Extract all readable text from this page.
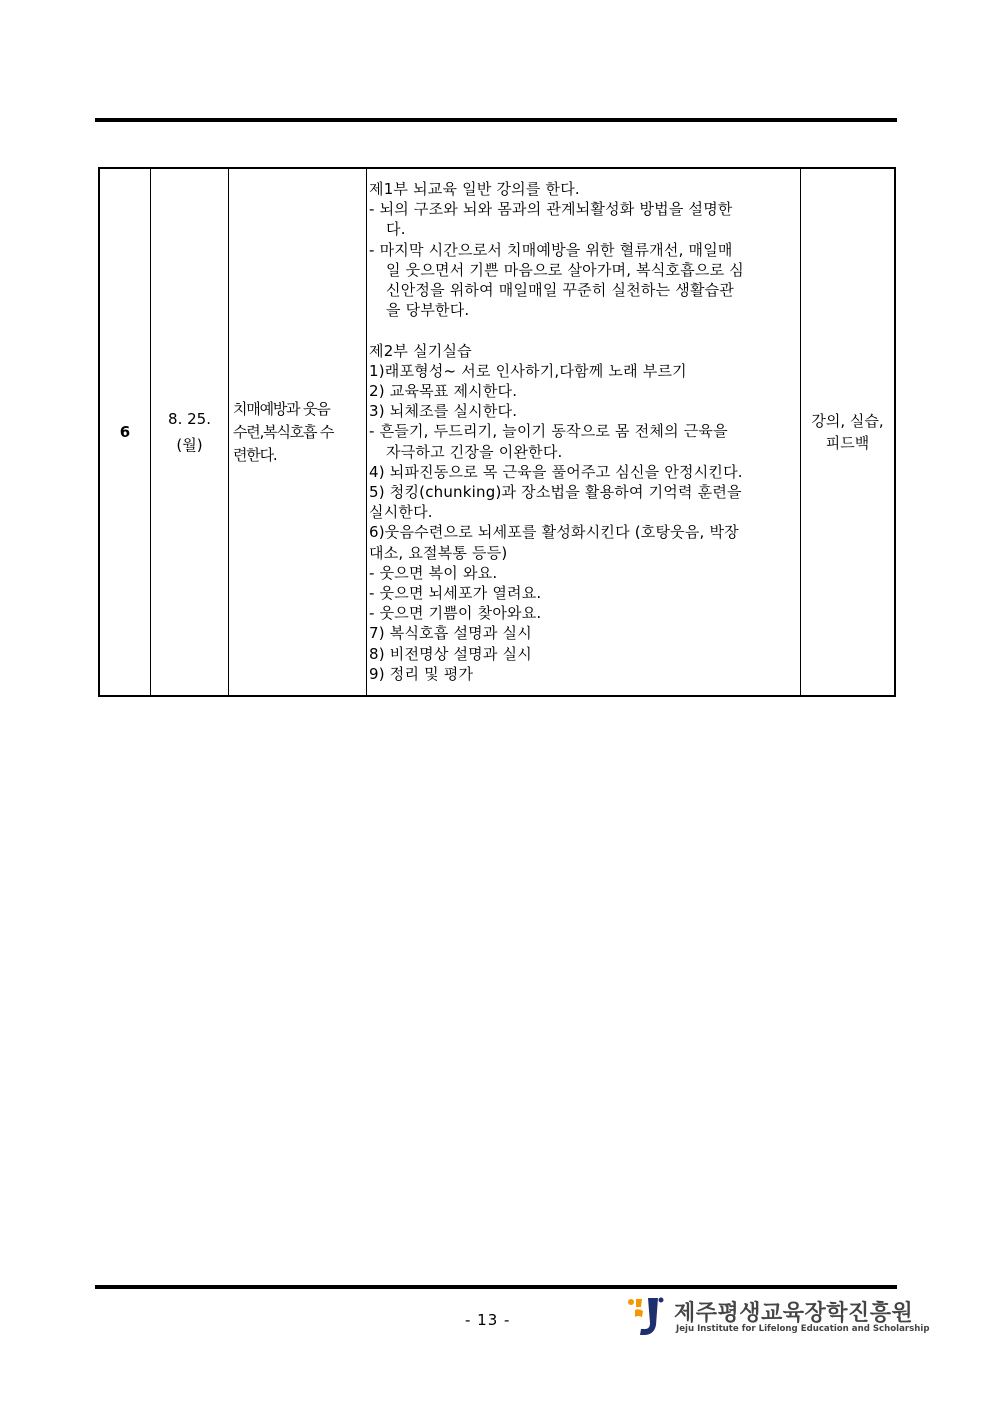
6	
8. 25.
(월)

치매예방과 웃음
수련,복식호흡 수
련한다.

제1부 뇌교육 일반 강의를 한다.
- 뇌의 구조와 뇌와 몸과의 관계뇌활성화 방법을 설명한
다.
- 마지막 시간으로서 치매예방을 위한 혈류개선, 매일매
일 웃으면서 기쁜 마음으로 살아가며, 복식호흡으로 심
신안정을 위하여 매일매일 꾸준히 실천하는 생활습관
을 당부한다.
제2부 실기실습
1)래포형성~ 서로 인사하기,다함께 노래 부르기
2) 교육목표 제시한다.
3) 뇌체조를 실시한다.
- 흔들기, 두드리기, 늘이기 동작으로 몸 전체의 근육을
자극하고 긴장을 이완한다.
4) 뇌파진동으로 목 근육을 풀어주고 심신을 안정시킨다.
5) 청킹(chunking)과 장소법을 활용하여 기억력 훈련을
실시한다.
6)웃음수련으로 뇌세포를 활성화시킨다 (호탕웃음, 박장
대소, 요절복통 등등)
- 웃으면 복이 와요.
- 웃으면 뇌세포가 열려요.
- 웃으면 기쁨이 찾아와요.
7) 복식호흡 설명과 실시
8) 비전명상 설명과 실시
9) 정리 및 평가

강의, 실습,
피드백
- 13 -	제주평생교육장학진흥원
Jeju Institute for Lifelong Education and Scholarship
